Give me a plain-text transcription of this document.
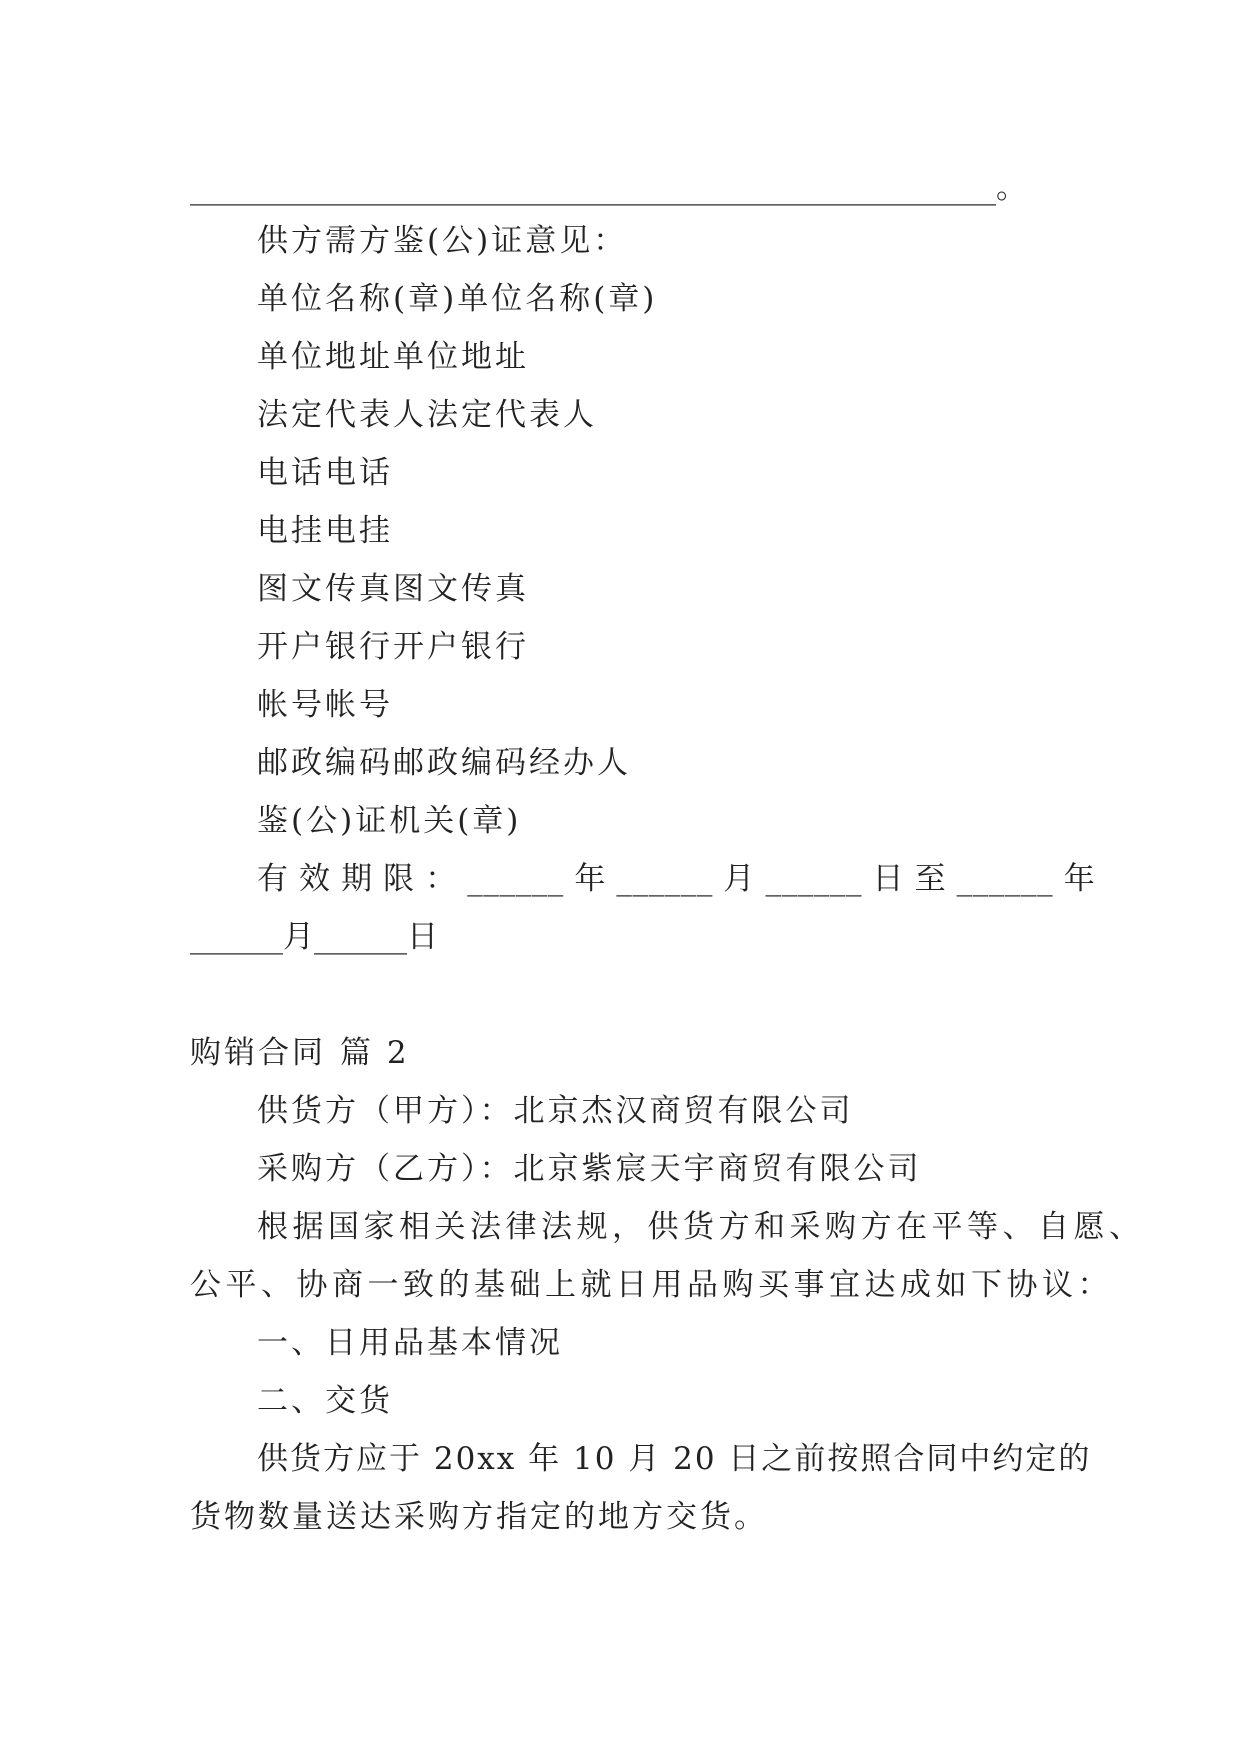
____________________________________________________。
供方需方鉴(公)证意见：
单位名称(章)单位名称(章)
单位地址单位地址
法定代表人法定代表人
电话电话
电挂电挂
图文传真图文传真
开户银行开户银行
帐号帐号
邮政编码邮政编码经办人
鉴(公)证机关(章)
有 效 期 限 ： ______ 年 ______ 月 ______ 日 至 ______ 年
______月______日
购销合同 篇 2
供货方（甲方）：北京杰汉商贸有限公司
采购方（乙方）：北京紫宸天宇商贸有限公司
根据国家相关法律法规，供货方和采购方在平等、自愿、
公平、协商一致的基础上就日用品购买事宜达成如下协议：
一、日用品基本情况
二、交货
供货方应于 20xx 年 10 月 20 日之前按照合同中约定的
货物数量送达采购方指定的地方交货。
